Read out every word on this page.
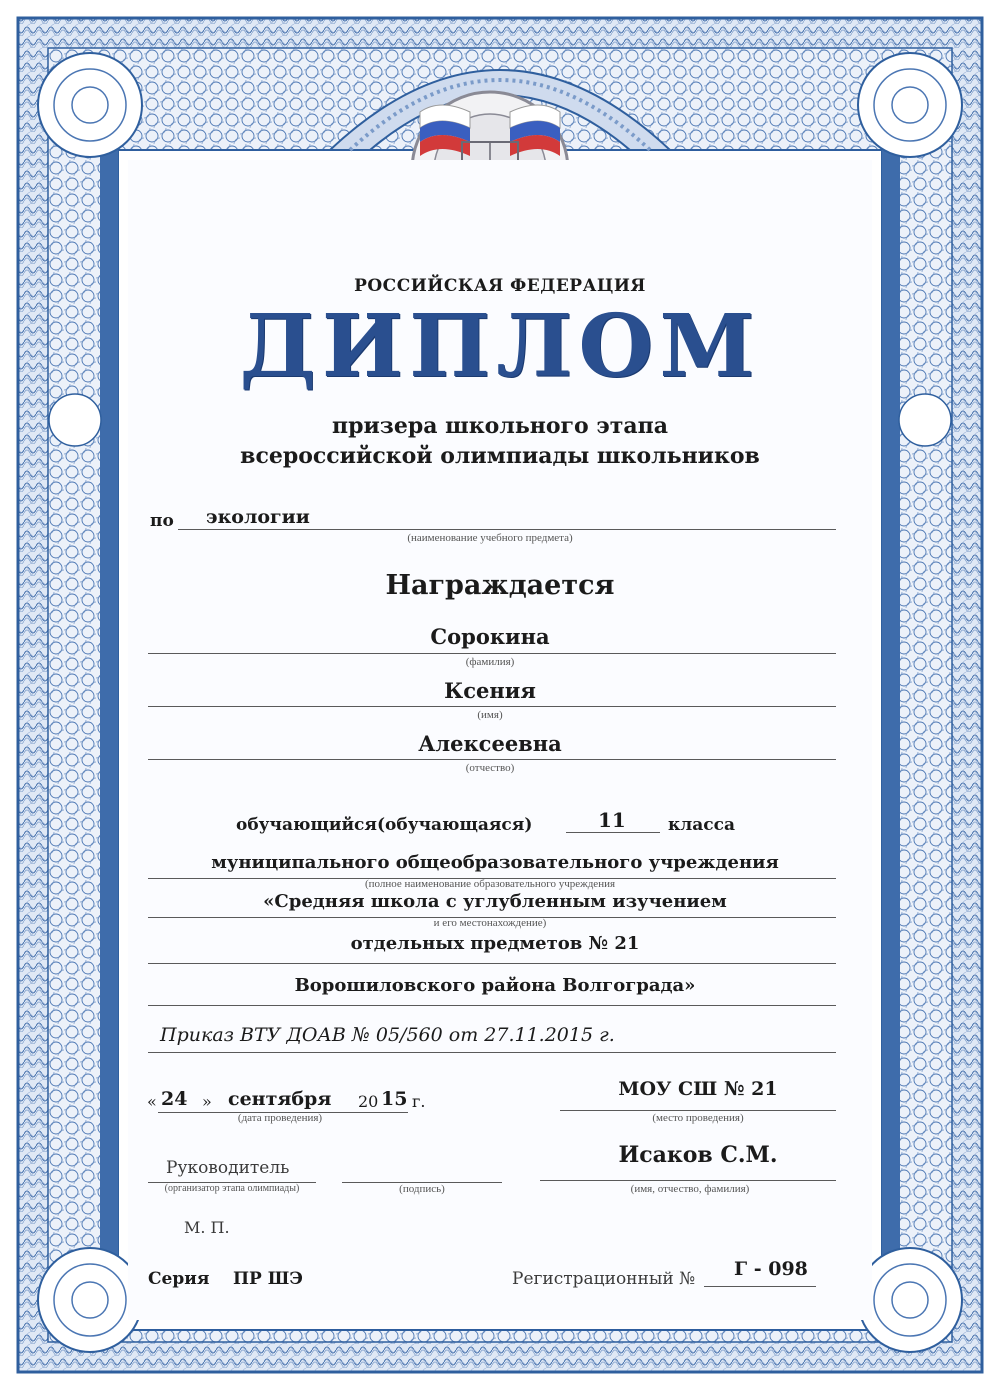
РОССИЙСКАЯ ФЕДЕРАЦИЯ
ДИПЛОМ
призера школьного этапа
всероссийской олимпиады школьников
по экологии
(наименование учебного предмета)
Награждается
Сорокина
(фамилия)
Ксения
(имя)
Алексеевна
(отчество)
обучающийся(обучающаяся)	11 класса
муниципального общеобразовательного учреждения
(полное наименование образовательного учреждения
«Средняя школа с углубленным изучением
и его местонахождение)
отдельных предметов № 21
Ворошиловского района Волгограда»
Приказ ВТУ ДОАВ № 05/560 от 27.11.2015 г.
« 24 » сентября 20 15 г.
(дата проведения)
МОУ СШ № 21
(место проведения)
Руководитель
(организатор этапа олимпиады)	(подпись)
Исаков С.М.
(имя, отчество, фамилия)
М. П.
Серия ПР ШЭ	Регистрационный № Г - 098
